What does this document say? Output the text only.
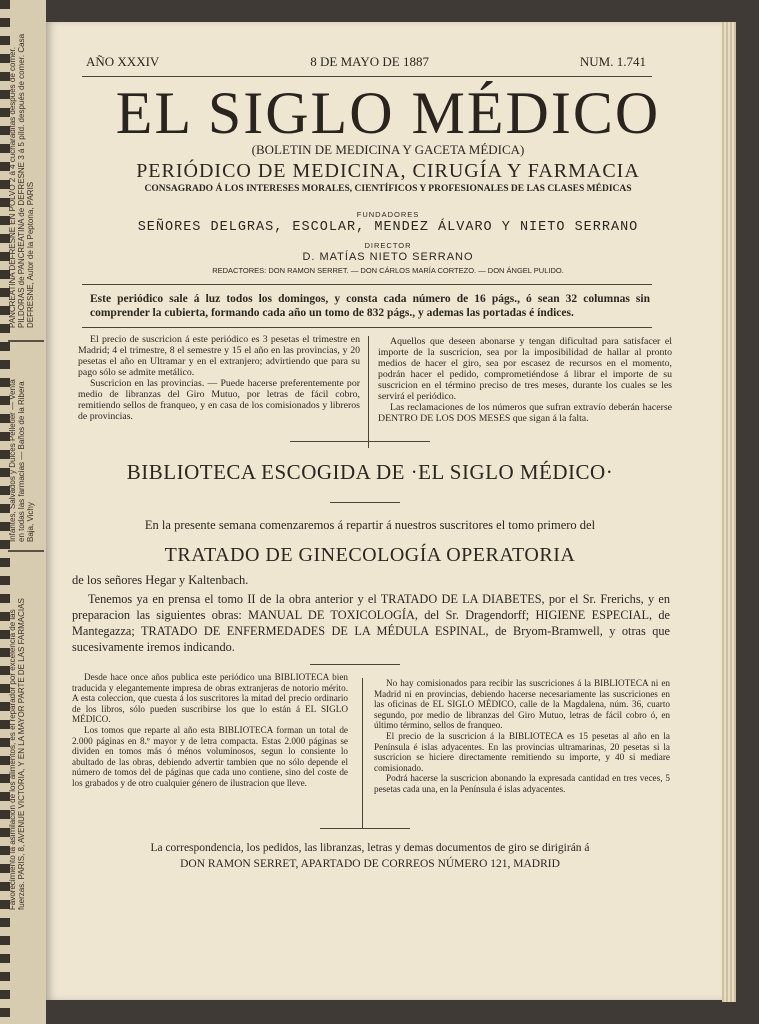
PANCREATINA DEFRESNE EN POLVO 2 á 4 cucharaditas después de comer. PILDORAS de PANCREATINA de DEFRESNE 3 á 5 píld. después de comer. Casa DEFRESNE, Autor de la Peptona, PARIS
Infantes, Salvados y Dulces Pelletier — Venta en todas las farmacias — Baños de la Ribera Baja, Vichy
Favorecimiento la asimilación de los alimentos, es el reparador por excelencia de las fuerzas. PARIS, 8, AVENUE VICTORIA, Y EN LA MAYOR PARTE DE LAS FARMACIAS
AÑO XXXIV	8 DE MAYO DE 1887	NUM. 1.741
EL SIGLO MÉDICO
(BOLETIN DE MEDICINA Y GACETA MÉDICA)
PERIÓDICO DE MEDICINA, CIRUGÍA Y FARMACIA
CONSAGRADO Á LOS INTERESES MORALES, CIENTÍFICOS Y PROFESIONALES DE LAS CLASES MÉDICAS
FUNDADORES
SEÑORES DELGRAS, ESCOLAR, MENDEZ ÁLVARO Y NIETO SERRANO
DIRECTOR
D. MATÍAS NIETO SERRANO
REDACTORES: DON RAMON SERRET. — DON CÁRLOS MARÍA CORTEZO. — DON ÁNGEL PULIDO.
Este periódico sale á luz todos los domingos, y consta cada número de 16 págs., ó sean 32 columnas sin comprender la cubierta, formando cada año un tomo de 832 págs., y ademas las portadas é índices.

El precio de suscricion á este periódico es 3 pesetas el trimestre en Madrid; 4 el trimestre, 8 el semestre y 15 el año en las provincias, y 20 pesetas el año en Ultramar y en el extranjero; advirtiendo que para su pago sólo se admite metálico.

Suscricion en las provincias. — Puede hacerse preferentemente por medio de libranzas del Giro Mutuo, por letras de fácil cobro, remitiendo sellos de franqueo, y en casa de los comisionados y libreros de provincias.

Aquellos que deseen abonarse y tengan dificultad para satisfacer el importe de la suscricion, sea por la imposibilidad de hallar al pronto medios de hacer el giro, sea por escasez de recursos en el momento, podrán hacer el pedido, comprometiéndose á librar el importe de su suscricion en el término preciso de tres meses, durante los cuales se les servirá el periódico.

Las reclamaciones de los números que sufran extravío deberán hacerse DENTRO DE LOS DOS MESES que sigan á la falta.

BIBLIOTECA ESCOGIDA DE ·EL SIGLO MÉDICO·
En la presente semana comenzaremos á repartir á nuestros suscritores el tomo primero del
TRATADO DE GINECOLOGÍA OPERATORIA
de los señores Hegar y Kaltenbach.

Tenemos ya en prensa el tomo II de la obra anterior y el TRATADO DE LA DIABETES, por el Sr. Frerichs, y en preparacion las siguientes obras: MANUAL DE TOXICOLOGÍA, del Sr. Dragendorff; HIGIENE ESPECIAL, de Mantegazza; TRATADO DE ENFERMEDADES DE LA MÉDULA ESPINAL, de Bryom-Bramwell, y otras que sucesivamente iremos indicando.

Desde hace once años publica este periódico una BIBLIOTECA bien traducida y elegantemente impresa de obras extranjeras de notorio mérito. A esta coleccion, que cuesta á los suscritores la mitad del precio ordinario de los libros, sólo pueden suscribirse los que lo están á EL SIGLO MÉDICO.

Los tomos que reparte al año esta BIBLIOTECA forman un total de 2.000 páginas en 8.º mayor y de letra compacta. Estas 2.000 páginas se dividen en tomos más ó ménos voluminosos, segun lo consiente lo abultado de las obras, debiendo advertir tambien que no sólo depende el número de tomos del de páginas que cada uno contiene, sino del coste de los grabados y de otro cualquier género de ilustracion que lleve.

No hay comisionados para recibir las suscriciones á la BIBLIOTECA ni en Madrid ni en provincias, debiendo hacerse necesariamente las suscriciones en las oficinas de EL SIGLO MÉDICO, calle de la Magdalena, núm. 36, cuarto segundo, por medio de libranzas del Giro Mutuo, letras de fácil cobro ó, en último término, sellos de franqueo.

El precio de la suscricion á la BIBLIOTECA es 15 pesetas al año en la Península é islas adyacentes. En las provincias ultramarinas, 20 pesetas si la suscricion se hiciere directamente remitiendo su importe, y 40 si mediare comisionado.

Podrá hacerse la suscricion abonando la expresada cantidad en tres veces, 5 pesetas cada una, en la Península é islas adyacentes.

La correspondencia, los pedidos, las libranzas, letras y demas documentos de giro se dirigirán á
DON RAMON SERRET, APARTADO DE CORREOS NÚMERO 121, MADRID
